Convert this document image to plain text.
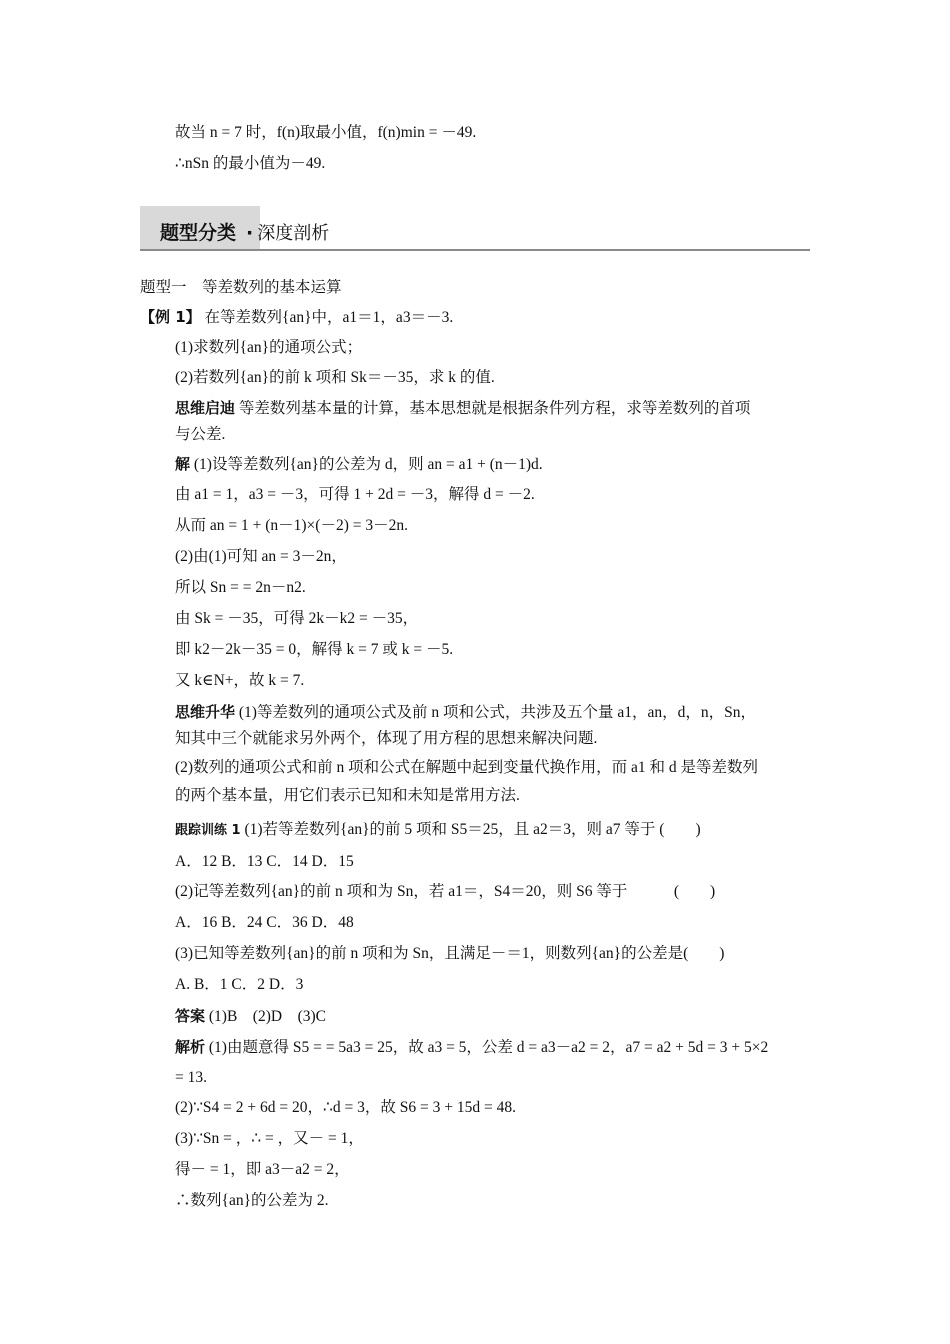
故当 n = 7 时，f(n)取最小值，f(n)min = －49.
∴nSn 的最小值为－49.
题型分类 · 深度剖析
题型一　等差数列的基本运算
【例 1】 在等差数列{an}中，a1＝1，a3＝－3.
(1)求数列{an}的通项公式；
(2)若数列{an}的前 k 项和 Sk＝－35，求 k 的值.
思维启迪 等差数列基本量的计算，基本思想就是根据条件列方程，求等差数列的首项
与公差.
解 (1)设等差数列{an}的公差为 d，则 an = a1 + (n－1)d.
由 a1 = 1，a3 = －3，可得 1 + 2d = －3，解得 d = －2.
从而 an = 1 + (n－1)×(－2) = 3－2n.
(2)由(1)可知 an = 3－2n，
所以 Sn = = 2n－n2.
由 Sk = －35，可得 2k－k2 = －35，
即 k2－2k－35 = 0，解得 k = 7 或 k = －5.
又 k∈N+，故 k = 7.
思维升华 (1)等差数列的通项公式及前 n 项和公式，共涉及五个量 a1，an，d，n，Sn，
知其中三个就能求另外两个，体现了用方程的思想来解决问题.
(2)数列的通项公式和前 n 项和公式在解题中起到变量代换作用，而 a1 和 d 是等差数列
的两个基本量，用它们表示已知和未知是常用方法.
跟踪训练 1 (1)若等差数列{an}的前 5 项和 S5＝25，且 a2＝3，则 a7 等于 (　　)
A．12 B．13 C．14 D．15
(2)记等差数列{an}的前 n 项和为 Sn，若 a1＝，S4＝20，则 S6 等于　　　(　　)
A．16 B．24 C．36 D．48
(3)已知等差数列{an}的前 n 项和为 Sn，且满足－＝1，则数列{an}的公差是(　　)
A. B．1 C．2 D．3
答案 (1)B　(2)D　(3)C
解析 (1)由题意得 S5 = = 5a3 = 25，故 a3 = 5，公差 d = a3－a2 = 2，a7 = a2 + 5d = 3 + 5×2
= 13.
(2)∵S4 = 2 + 6d = 20，∴d = 3，故 S6 = 3 + 15d = 48.
(3)∵Sn = ，∴ = ，又－ = 1，
得－ = 1，即 a3－a2 = 2，
∴数列{an}的公差为 2.
